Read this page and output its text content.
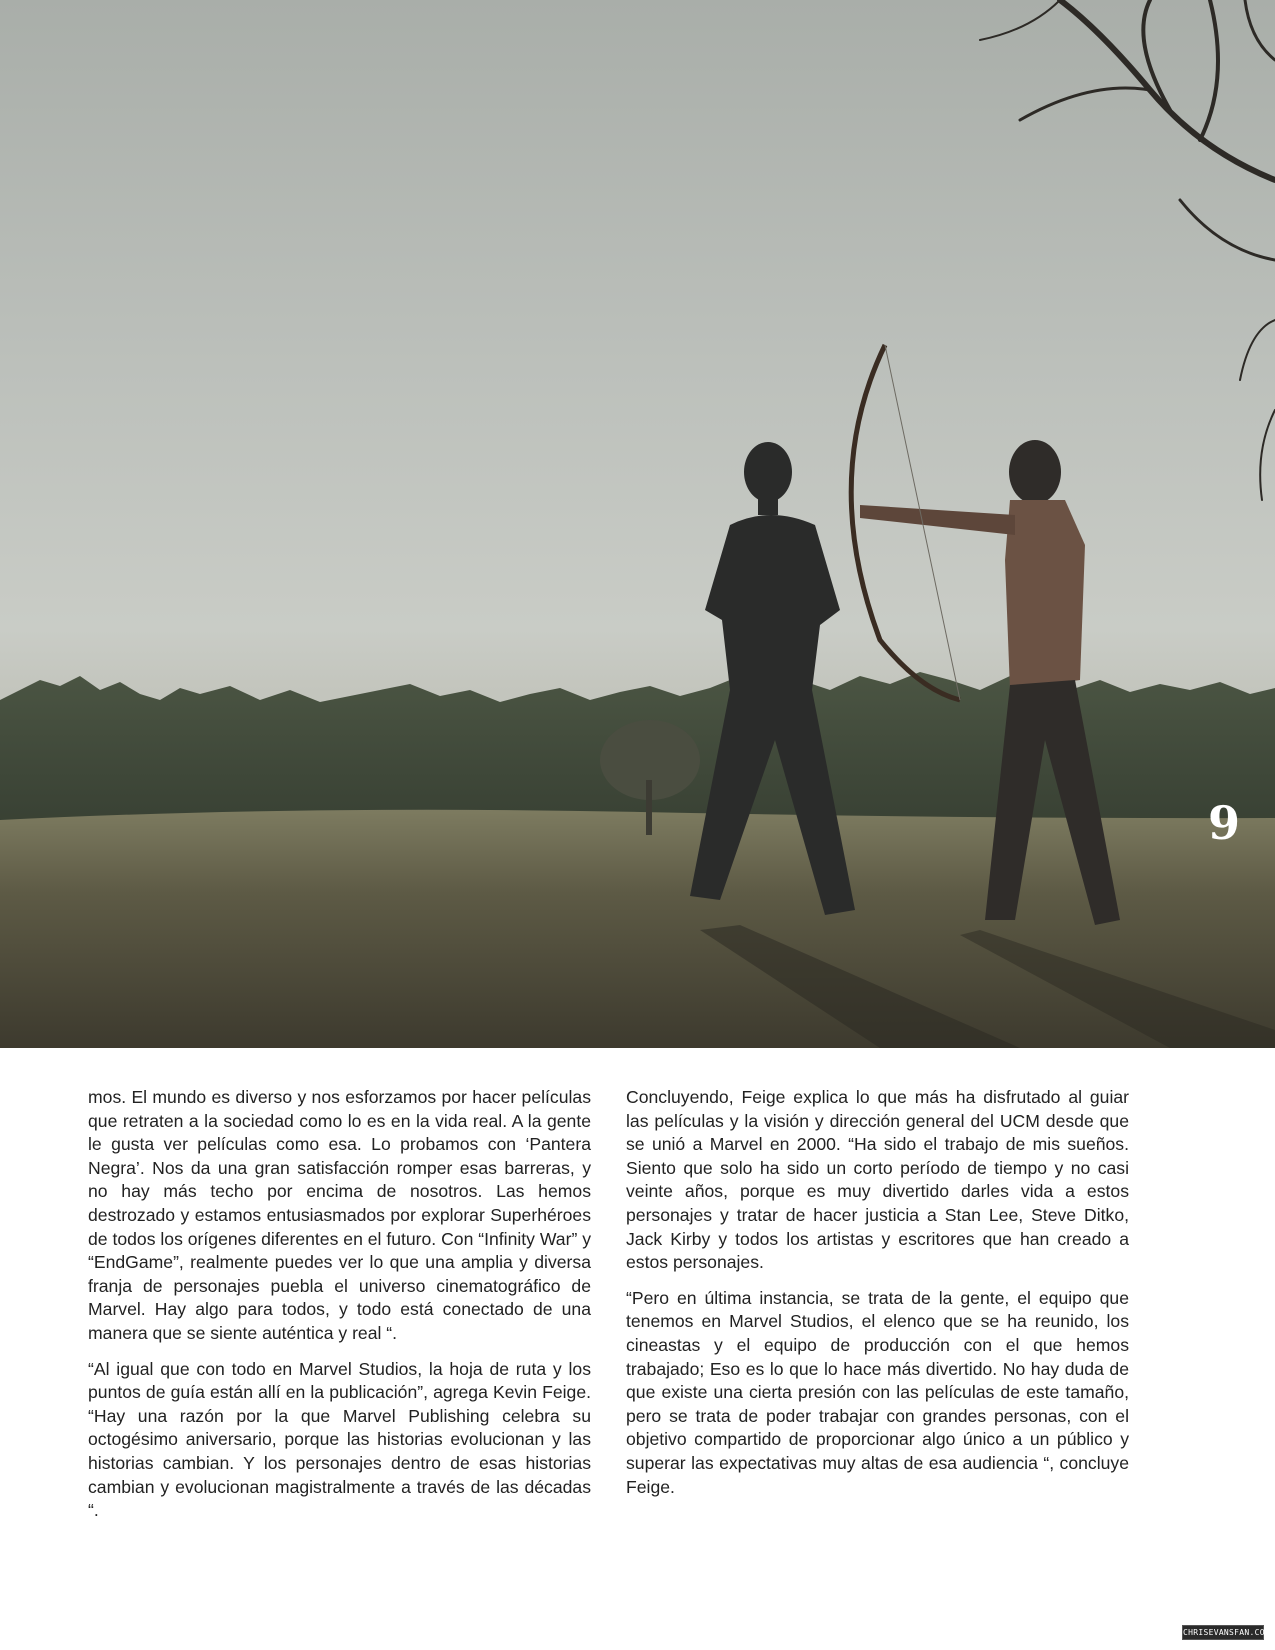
9

mos. El mundo es diverso y nos esforzamos por hacer películas que retraten a la sociedad como lo es en la vida real. A la gente le gusta ver películas como esa. Lo probamos con ‘Pantera Negra’. Nos da una gran satisfacción romper esas barreras, y no hay más techo por encima de nosotros. Las hemos destrozado y estamos entusiasmados por explorar Superhéroes de todos los orígenes diferentes en el futuro. Con “Infinity War” y “EndGame”, realmente puedes ver lo que una amplia y diversa franja de personajes puebla el universo cinematográfico de Marvel. Hay algo para todos, y todo está conectado de una manera que se siente auténtica y real “.

“Al igual que con todo en Marvel Studios, la hoja de ruta y los puntos de guía están allí en la publicación”, agrega Kevin Feige. “Hay una razón por la que Marvel Publishing celebra su octogésimo aniversario, porque las historias evolucionan y las historias cambian. Y los personajes dentro de esas historias cambian y evolucionan magistralmente a través de las décadas “.

Concluyendo, Feige explica lo que más ha disfrutado al guiar las películas y la visión y dirección general del UCM desde que se unió a Marvel en 2000. “Ha sido el trabajo de mis sueños. Siento que solo ha sido un corto período de tiempo y no casi veinte años, porque es muy divertido darles vida a estos personajes y tratar de hacer justicia a Stan Lee, Steve Ditko, Jack Kirby y todos los artistas y escritores que han creado a estos personajes.

“Pero en última instancia, se trata de la gente, el equipo que tenemos en Marvel Studios, el elenco que se ha reunido, los cineastas y el equipo de producción con el que hemos trabajado; Eso es lo que lo hace más divertido. No hay duda de que existe una cierta presión con las películas de este tamaño, pero se trata de poder trabajar con grandes personas, con el objetivo compartido de proporcionar algo único a un público y superar las expectativas muy altas de esa audiencia “, concluye Feige.

CHRISEVANSFAN.COM
